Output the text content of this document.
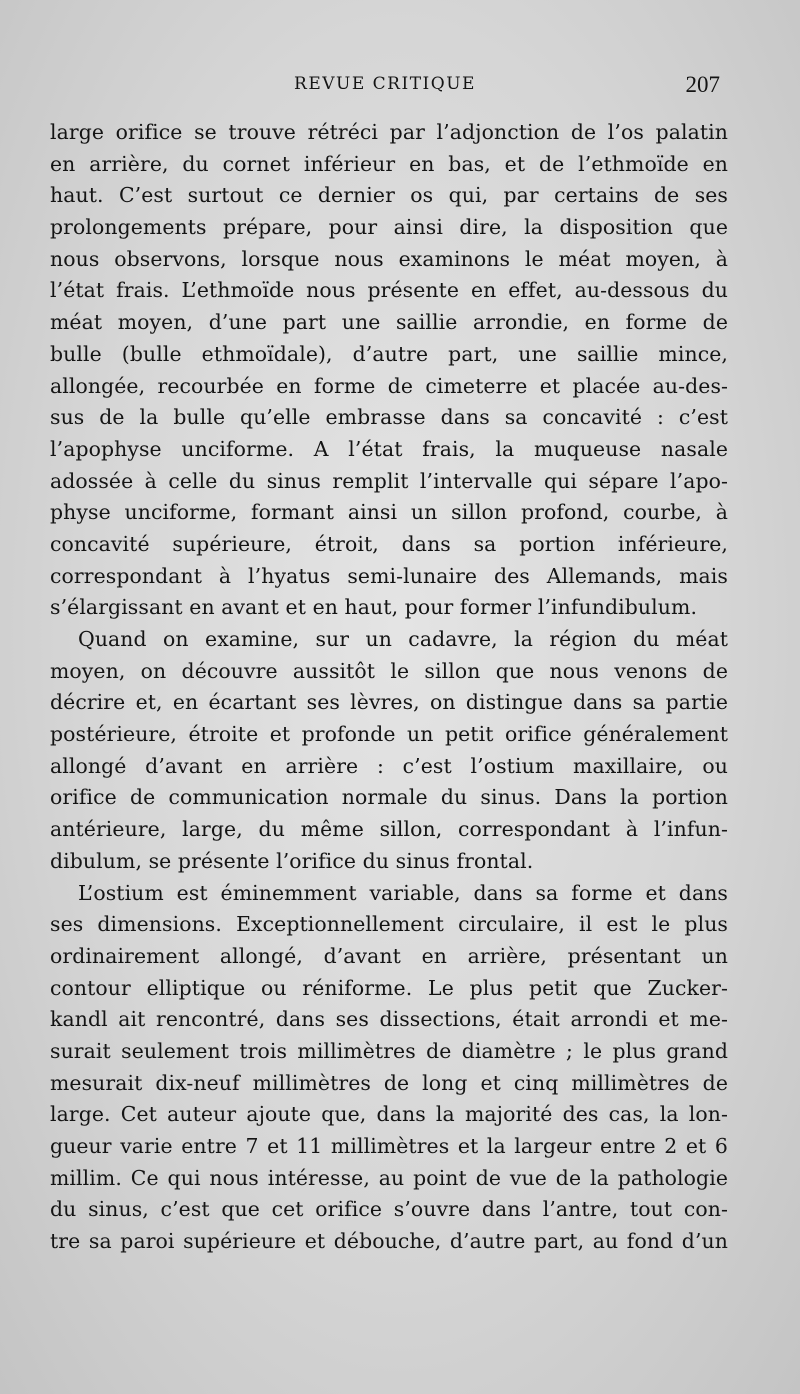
REVUE CRITIQUE	207
large orifice se trouve rétréci par l’adjonction de l’os palatin
en arrière, du cornet inférieur en bas, et de l’ethmoïde en
haut. C’est surtout ce dernier os qui, par certains de ses
prolongements prépare, pour ainsi dire, la disposition que
nous observons, lorsque nous examinons le méat moyen, à
l’état frais. L’ethmoïde nous présente en effet, au-dessous du
méat moyen, d’une part une saillie arrondie, en forme de
bulle (bulle ethmoïdale), d’autre part, une saillie mince,
allongée, recourbée en forme de cimeterre et placée au-des-
sus de la bulle qu’elle embrasse dans sa concavité : c’est
l’apophyse unciforme. A l’état frais, la muqueuse nasale
adossée à celle du sinus remplit l’intervalle qui sépare l’apo-
physe unciforme, formant ainsi un sillon profond, courbe, à
concavité supérieure, étroit, dans sa portion inférieure,
correspondant à l’hyatus semi-lunaire des Allemands, mais
s’élargissant en avant et en haut, pour former l’infundibulum.
Quand on examine, sur un cadavre, la région du méat
moyen, on découvre aussitôt le sillon que nous venons de
décrire et, en écartant ses lèvres, on distingue dans sa partie
postérieure, étroite et profonde un petit orifice généralement
allongé d’avant en arrière : c’est l’ostium maxillaire, ou
orifice de communication normale du sinus. Dans la portion
antérieure, large, du même sillon, correspondant à l’infun-
dibulum, se présente l’orifice du sinus frontal.
L’ostium est éminemment variable, dans sa forme et dans
ses dimensions. Exceptionnellement circulaire, il est le plus
ordinairement allongé, d’avant en arrière, présentant un
contour elliptique ou réniforme. Le plus petit que Zucker-
kandl ait rencontré, dans ses dissections, était arrondi et me-
surait seulement trois millimètres de diamètre ; le plus grand
mesurait dix-neuf millimètres de long et cinq millimètres de
large. Cet auteur ajoute que, dans la majorité des cas, la lon-
gueur varie entre 7 et 11 millimètres et la largeur entre 2 et 6
millim. Ce qui nous intéresse, au point de vue de la pathologie
du sinus, c’est que cet orifice s’ouvre dans l’antre, tout con-
tre sa paroi supérieure et débouche, d’autre part, au fond d’un
